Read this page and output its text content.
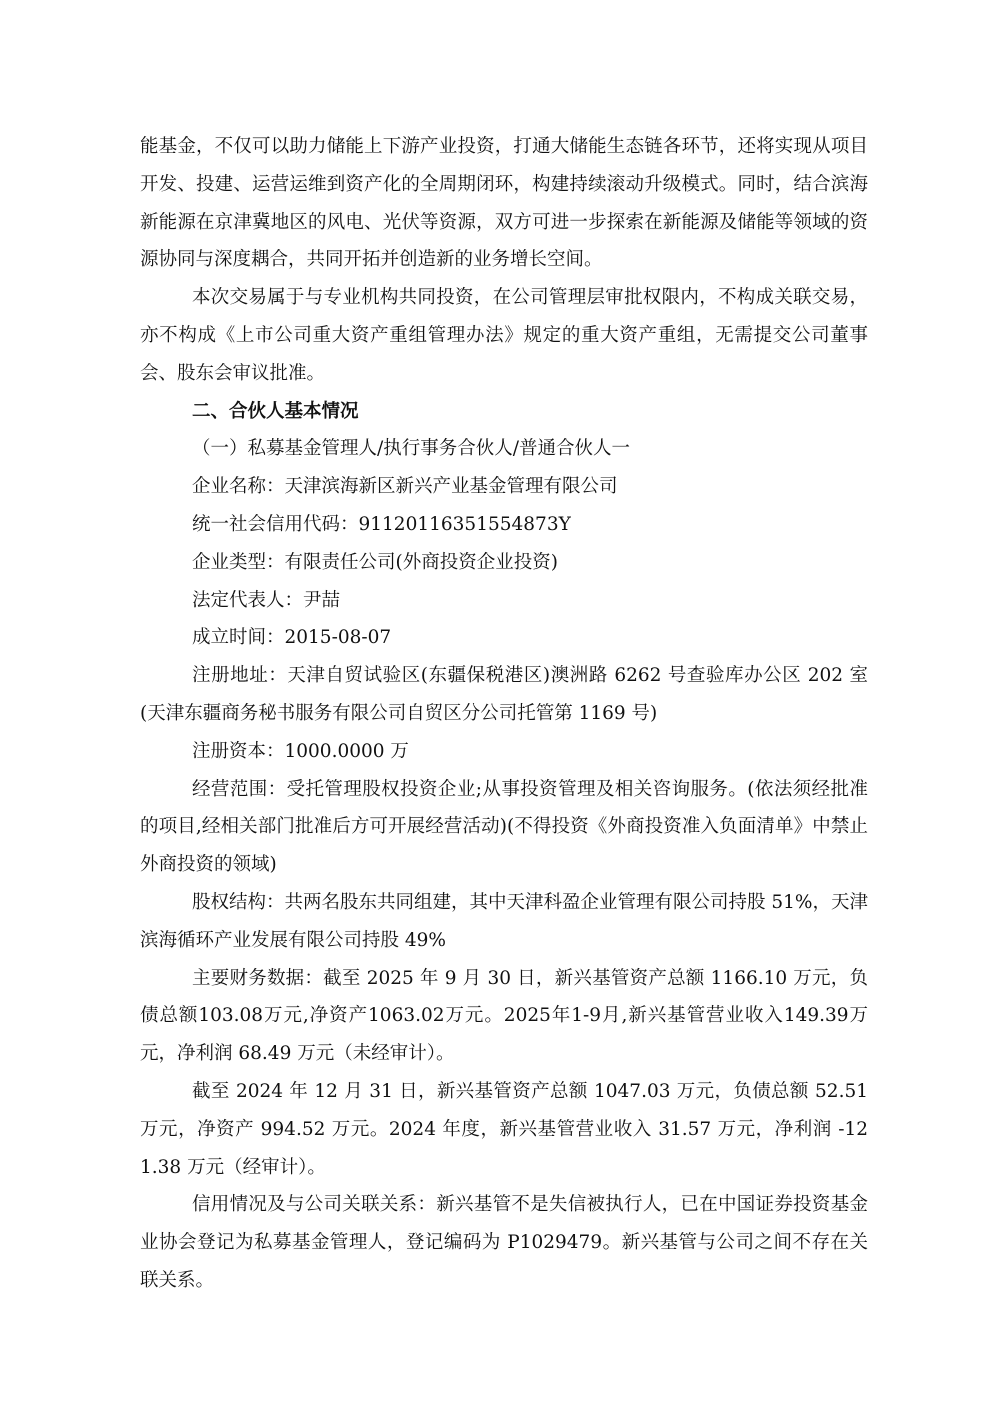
能基金，不仅可以助力储能上下游产业投资，打通大储能生态链各环节，还将实现从项目开发、投建、运营运维到资产化的全周期闭环，构建持续滚动升级模式。同时，结合滨海新能源在京津冀地区的风电、光伏等资源，双方可进一步探索在新能源及储能等领域的资源协同与深度耦合，共同开拓并创造新的业务增长空间。

本次交易属于与专业机构共同投资，在公司管理层审批权限内，不构成关联交易，亦不构成《上市公司重大资产重组管理办法》规定的重大资产重组，无需提交公司董事会、股东会审议批准。

二、合伙人基本情况

（一）私募基金管理人/执行事务合伙人/普通合伙人一

企业名称：天津滨海新区新兴产业基金管理有限公司

统一社会信用代码：91120116351554873Y

企业类型：有限责任公司(外商投资企业投资)

法定代表人：尹喆

成立时间：2015-08-07

注册地址：天津自贸试验区(东疆保税港区)澳洲路 6262 号查验库办公区 202 室(天津东疆商务秘书服务有限公司自贸区分公司托管第 1169 号)

注册资本：1000.0000 万

经营范围：受托管理股权投资企业;从事投资管理及相关咨询服务。(依法须经批准的项目,经相关部门批准后方可开展经营活动)(不得投资《外商投资准入负面清单》中禁止外商投资的领域)

股权结构：共两名股东共同组建，其中天津科盈企业管理有限公司持股 51%，天津滨海循环产业发展有限公司持股 49%

主要财务数据：截至 2025 年 9 月 30 日，新兴基管资产总额 1166.10 万元，负债总额103.08万元,净资产1063.02万元。2025年1-9月,新兴基管营业收入149.39万元，净利润 68.49 万元（未经审计）。

截至 2024 年 12 月 31 日，新兴基管资产总额 1047.03 万元，负债总额 52.51 万元，净资产 994.52 万元。2024 年度，新兴基管营业收入 31.57 万元，净利润 -121.38 万元（经审计）。

信用情况及与公司关联关系：新兴基管不是失信被执行人，已在中国证券投资基金业协会登记为私募基金管理人，登记编码为 P1029479。新兴基管与公司之间不存在关联关系。
